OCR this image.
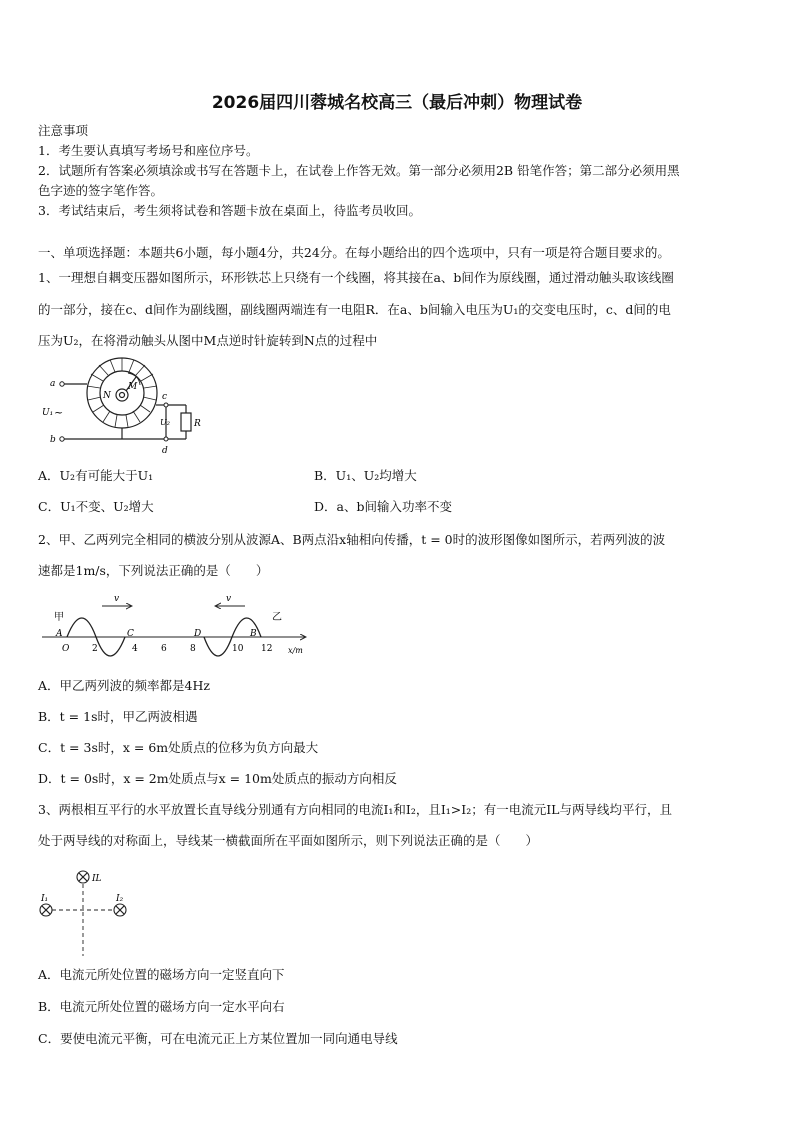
2026届四川蓉城名校高三（最后冲刺）物理试卷
注意事项
1．考生要认真填写考场号和座位序号。
2．试题所有答案必须填涂或书写在答题卡上，在试卷上作答无效。第一部分必须用2B 铅笔作答；第二部分必须用黑
色字迹的签字笔作答。
3．考试结束后，考生须将试卷和答题卡放在桌面上，待监考员收回。
一、单项选择题：本题共6小题，每小题4分，共24分。在每小题给出的四个选项中，只有一项是符合题目要求的。
1、一理想自耦变压器如图所示，环形铁芯上只绕有一个线圈，将其接在a、b间作为原线圈，通过滑动触头取该线圈
的一部分，接在c、d间作为副线圈，副线圈两端连有一电阻R．在a、b间输入电压为U₁的交变电压时，c、d间的电
压为U₂，在将滑动触头从图中M点逆时针旋转到N点的过程中
a
b
c
d
M
N
R
U₁ ~
U₂
A．U₂有可能大于U₁	B．U₁、U₂均增大
C．U₁不变、U₂增大	D．a、b间输入功率不变
2、甲、乙两列完全相同的横波分别从波源A、B两点沿x轴相向传播，t = 0时的波形图像如图所示，若两列波的波
速都是1m/s，下列说法正确的是（　　）
v	v
甲	乙
A	C	D	B
O	2	4	6	8	10 12 x/m
A．甲乙两列波的频率都是4Hz
B．t = 1s时，甲乙两波相遇
C．t = 3s时，x = 6m处质点的位移为负方向最大
D．t = 0s时，x = 2m处质点与x = 10m处质点的振动方向相反
3、两根相互平行的水平放置长直导线分别通有方向相同的电流I₁和I₂，且I₁>I₂；有一电流元IL与两导线均平行，且
处于两导线的对称面上，导线某一横截面所在平面如图所示，则下列说法正确的是（　　）
IL
I₁	I₂
A．电流元所处位置的磁场方向一定竖直向下
B．电流元所处位置的磁场方向一定水平向右
C．要使电流元平衡，可在电流元正上方某位置加一同向通电导线
